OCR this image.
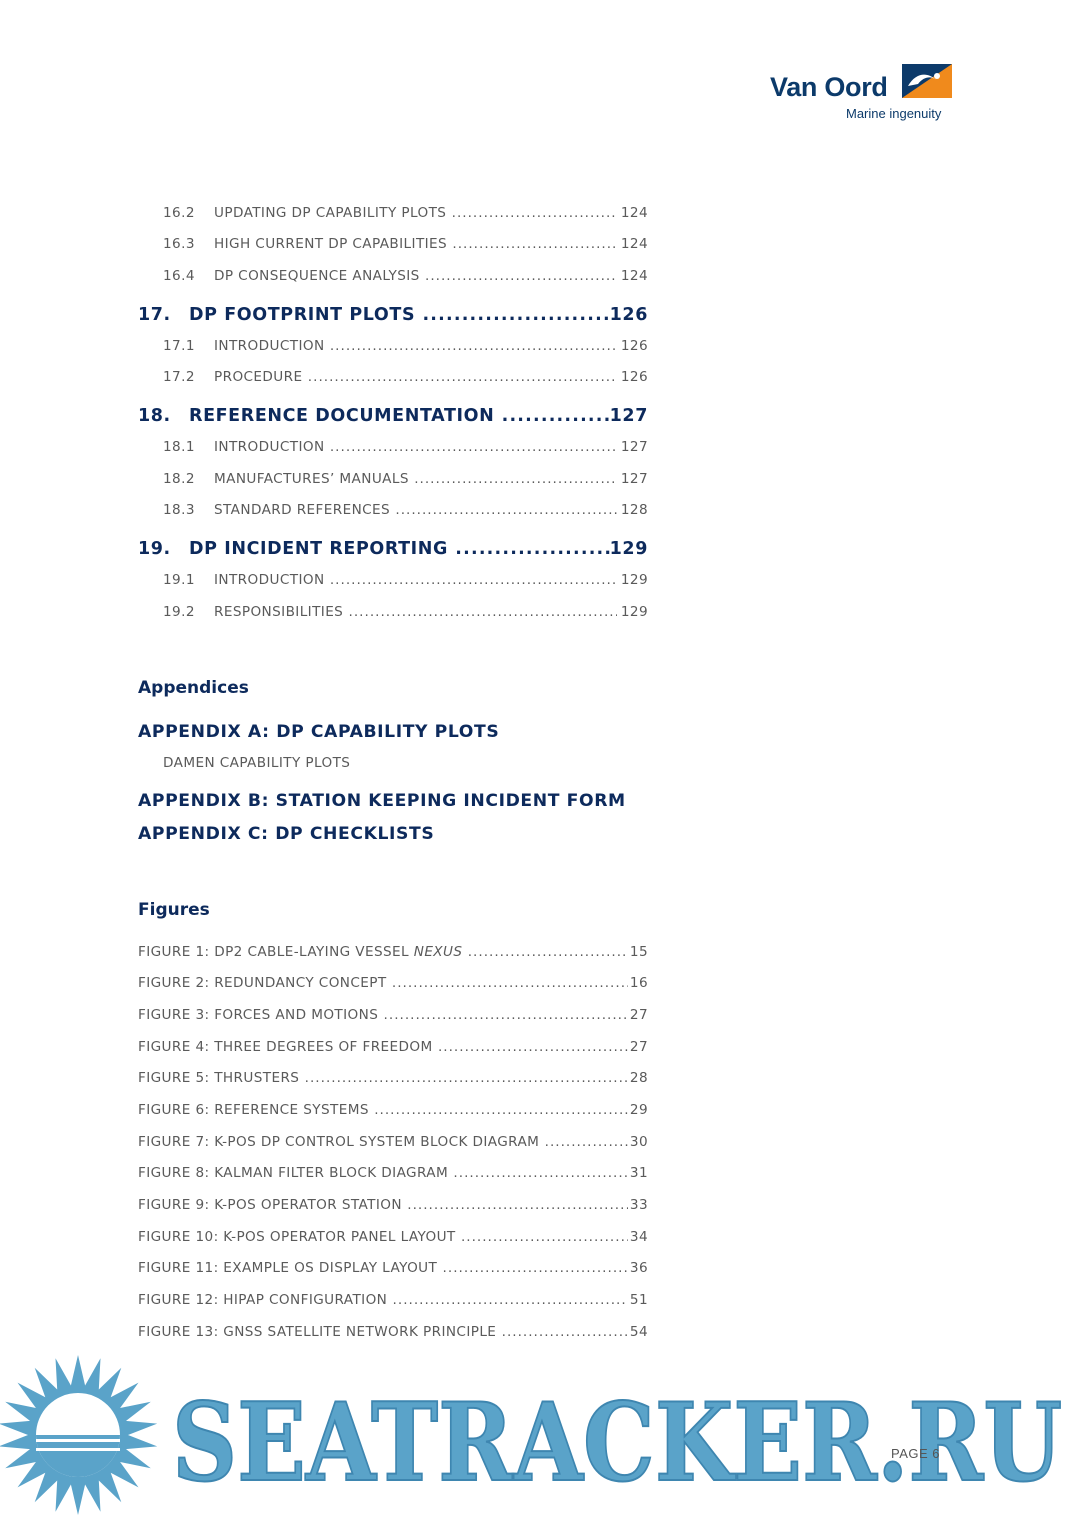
Van Oord
Marine ingenuity
16.2	UPDATING DP CAPABILITY PLOTS .....	124
16.3	HIGH CURRENT DP CAPABILITIES .....	124
16.4	DP CONSEQUENCE ANALYSIS .....	124
17.	DP FOOTPRINT PLOTS .....	126
17.1	INTRODUCTION .....	126
17.2	PROCEDURE .....	126
18.	REFERENCE DOCUMENTATION .....	127
18.1	INTRODUCTION .....	127
18.2	MANUFACTURES’ MANUALS .....	127
18.3	STANDARD REFERENCES .....	128
19.	DP INCIDENT REPORTING .....	129
19.1	INTRODUCTION .....	129
19.2	RESPONSIBILITIES .....	129
Appendices
APPENDIX A: DP CAPABILITY PLOTS
DAMEN CAPABILITY PLOTS
APPENDIX B: STATION KEEPING INCIDENT FORM
APPENDIX C: DP CHECKLISTS
Figures
FIGURE 1: DP2 CABLE-LAYING VESSEL NEXUS .....	15
FIGURE 2: REDUNDANCY CONCEPT .....	16
FIGURE 3: FORCES AND MOTIONS .....	27
FIGURE 4: THREE DEGREES OF FREEDOM .....	27
FIGURE 5: THRUSTERS .....	28
FIGURE 6: REFERENCE SYSTEMS .....	29
FIGURE 7: K-POS DP CONTROL SYSTEM BLOCK DIAGRAM .....	30
FIGURE 8: KALMAN FILTER BLOCK DIAGRAM .....	31
FIGURE 9: K-POS OPERATOR STATION .....	33
FIGURE 10: K-POS OPERATOR PANEL LAYOUT .....	34
FIGURE 11: EXAMPLE OS DISPLAY LAYOUT .....	36
FIGURE 12: HIPAP CONFIGURATION .....	51
FIGURE 13: GNSS SATELLITE NETWORK PRINCIPLE .....	54
SEATRACKER.RU
PAGE 6
